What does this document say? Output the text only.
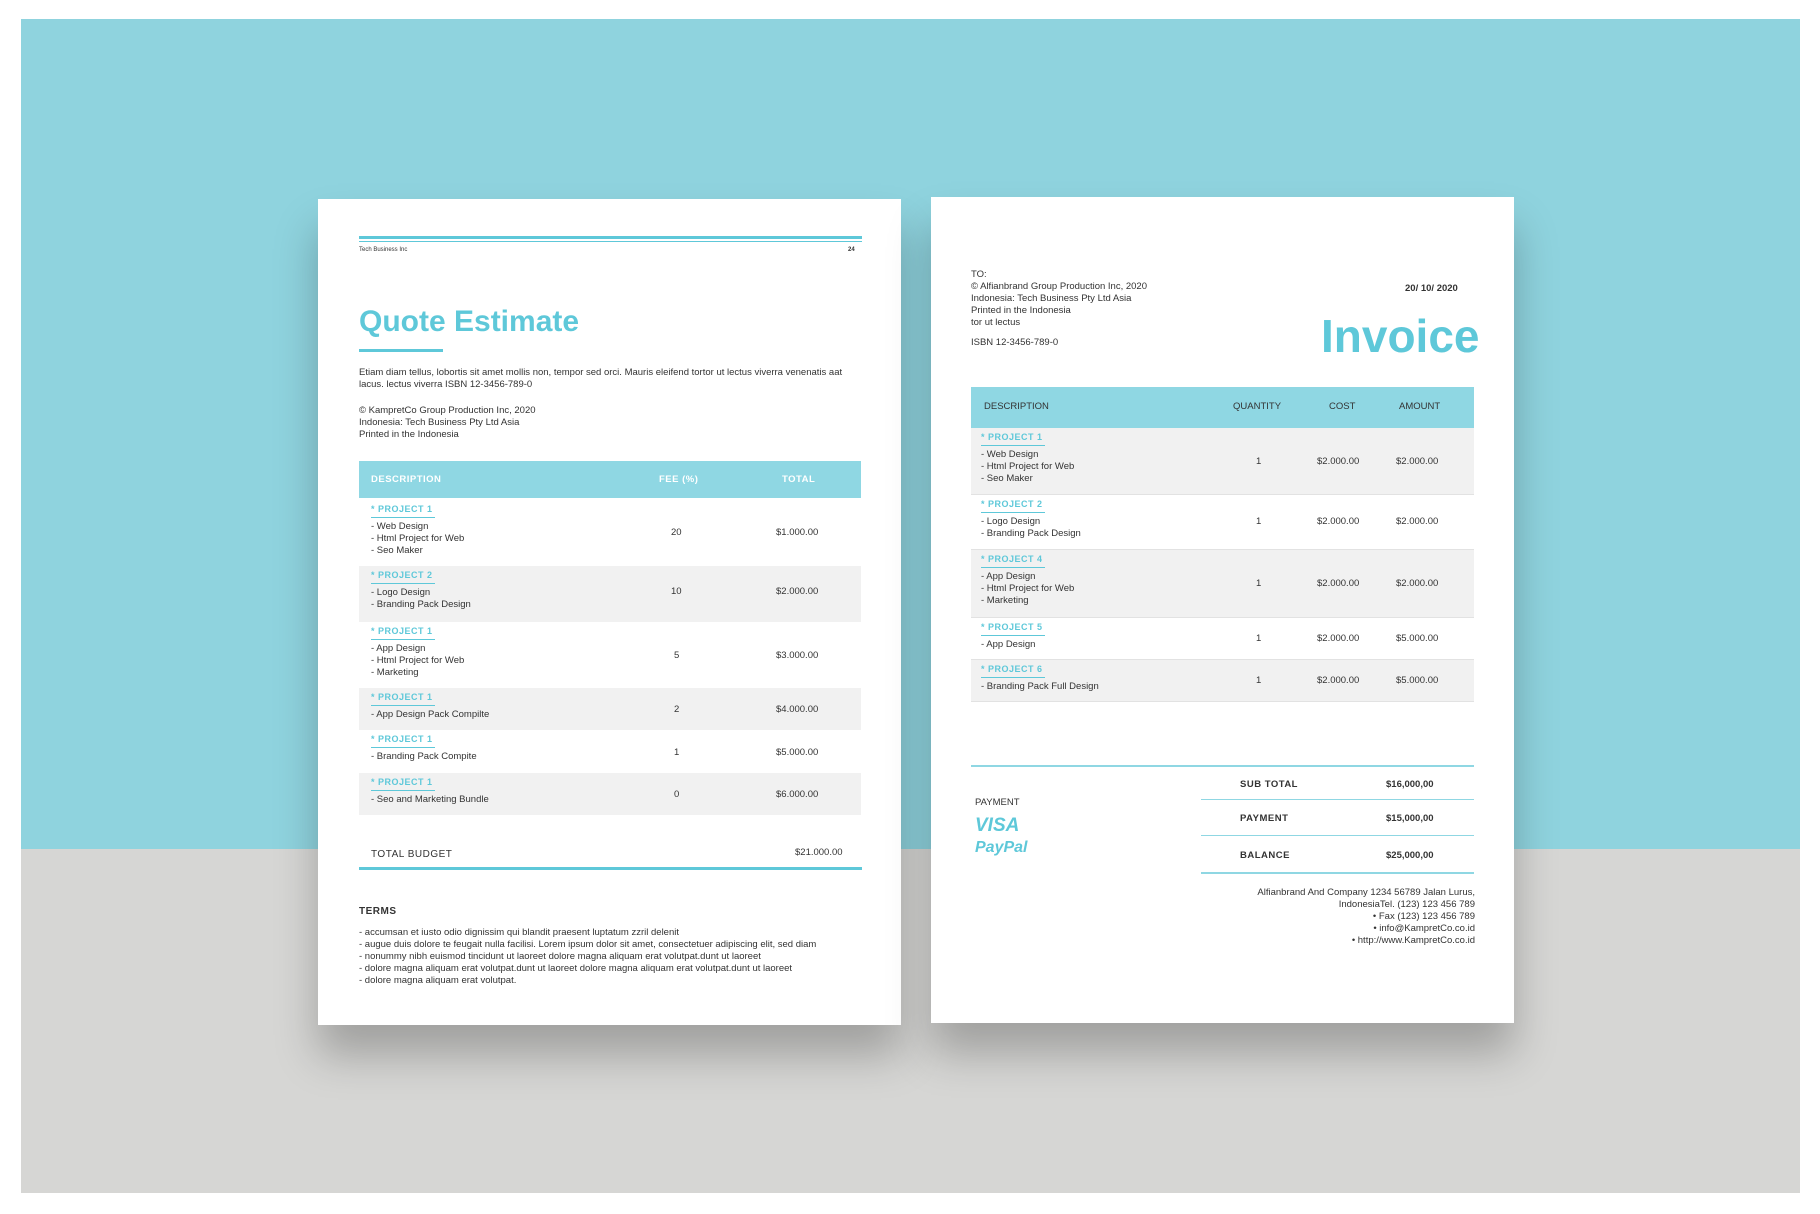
Tech Business Inc	24
Quote Estimate
Etiam diam tellus, lobortis sit amet mollis non, tempor sed orci. Mauris eleifend tortor ut lectus viverra venenatis aat lacus. lectus viverra ISBN 12-3456-789-0
© KampretCo Group Production Inc, 2020
Indonesia: Tech Business Pty Ltd Asia
Printed in the Indonesia
DESCRIPTION	FEE (%)	TOTAL
* PROJECT 1
- Web Design
- Html Project for Web
- Seo Maker
20	$1.000.00
* PROJECT 2
- Logo Design
- Branding Pack Design
10	$2.000.00
* PROJECT 1
- App Design
- Html Project for Web
- Marketing
5	$3.000.00
* PROJECT 1
- App Design Pack Compilte	2	$4.000.00
* PROJECT 1
- Branding Pack Compite	1	$5.000.00
* PROJECT 1
- Seo and Marketing Bundle	0	$6.000.00
TOTAL BUDGET	$21.000.00
TERMS
- accumsan et iusto odio dignissim qui blandit praesent luptatum zzril delenit
- augue duis dolore te feugait nulla facilisi. Lorem ipsum dolor sit amet, consectetuer adipiscing elit, sed diam
- nonummy nibh euismod tincidunt ut laoreet dolore magna aliquam erat volutpat.dunt ut laoreet
- dolore magna aliquam erat volutpat.dunt ut laoreet dolore magna aliquam erat volutpat.dunt ut laoreet
- dolore magna aliquam erat volutpat.
TO:
© Alfianbrand Group Production Inc, 2020
Indonesia: Tech Business Pty Ltd Asia
Printed in the Indonesia
tor ut lectus
ISBN 12-3456-789-0
20/ 10/ 2020
Invoice
DESCRIPTION	QUANTITY	COST	AMOUNT
* PROJECT 1
- Web Design
- Html Project for Web
- Seo Maker
1	$2.000.00	$2.000.00
* PROJECT 2
- Logo Design
- Branding Pack Design
1	$2.000.00	$2.000.00
* PROJECT 4
- App Design
- Html Project for Web
- Marketing
1	$2.000.00	$2.000.00
* PROJECT 5
- App Design
1	$2.000.00	$5.000.00
* PROJECT 6
- Branding Pack Full Design
1	$2.000.00	$5.000.00
SUB TOTAL	$16,000,00
PAYMENT	$15,000,00
BALANCE	$25,000,00
PAYMENT
VISA
PayPal
Alfianbrand And Company 1234 56789 Jalan Lurus,
IndonesiaTel. (123) 123 456 789
• Fax (123) 123 456 789
• info@KampretCo.co.id
• http://www.KampretCo.co.id
